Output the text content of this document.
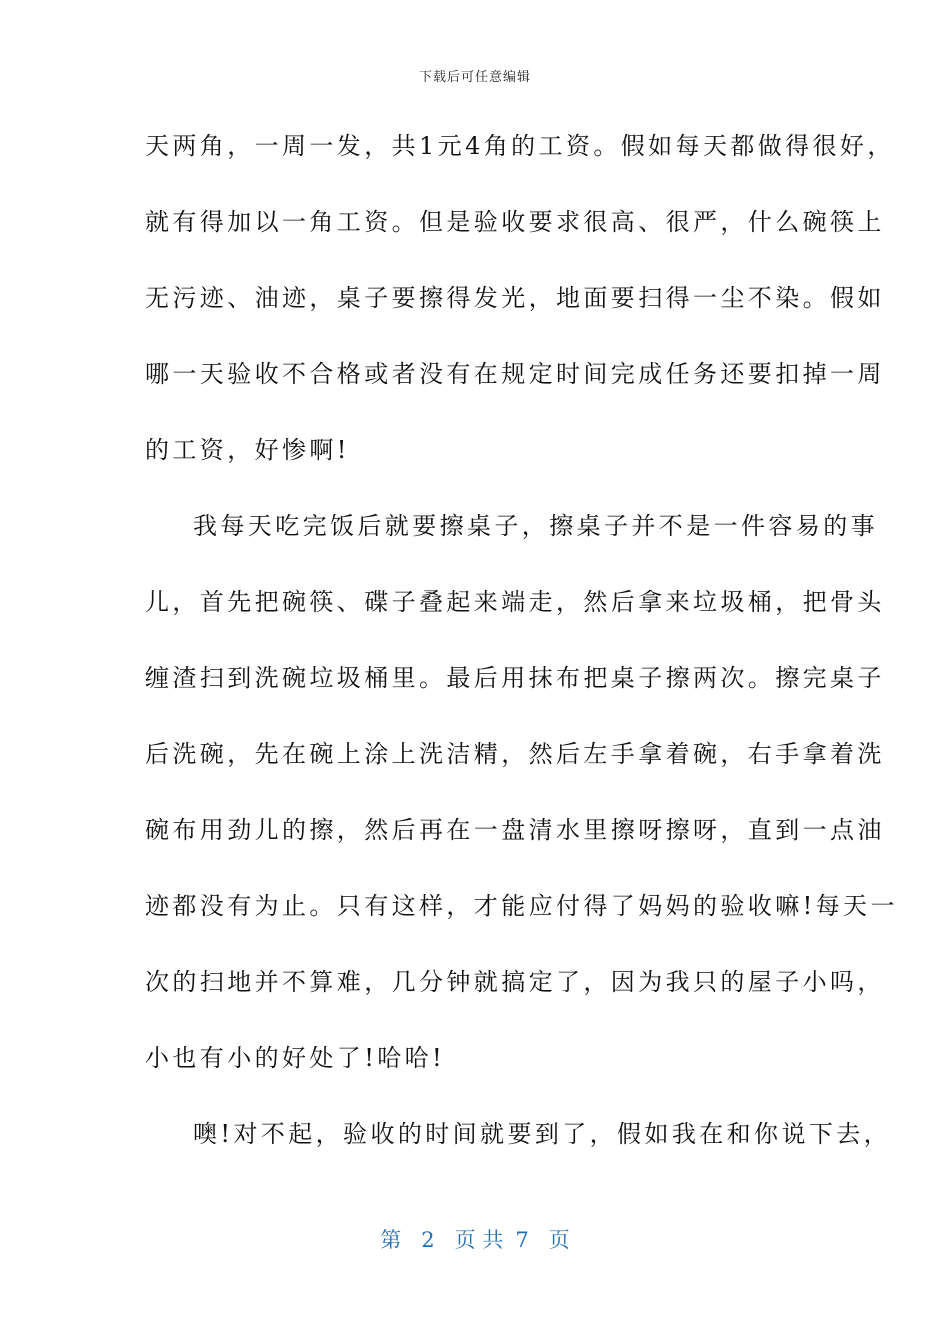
下载后可任意编辑
天两角，一周一发，共1元4角的工资。假如每天都做得很好，
就有得加以一角工资。但是验收要求很高、很严，什么碗筷上
无污迹、油迹，桌子要擦得发光，地面要扫得一尘不染。假如
哪一天验收不合格或者没有在规定时间完成任务还要扣掉一周
的工资，好惨啊!
我每天吃完饭后就要擦桌子，擦桌子并不是一件容易的事
儿，首先把碗筷、碟子叠起来端走，然后拿来垃圾桶，把骨头
缠渣扫到洗碗垃圾桶里。最后用抹布把桌子擦两次。擦完桌子
后洗碗，先在碗上涂上洗洁精，然后左手拿着碗，右手拿着洗
碗布用劲儿的擦，然后再在一盘清水里擦呀擦呀，直到一点油
迹都没有为止。只有这样，才能应付得了妈妈的验收嘛!每天一
次的扫地并不算难，几分钟就搞定了，因为我只的屋子小吗，
小也有小的好处了!哈哈!
噢!对不起，验收的时间就要到了，假如我在和你说下去，
第 2 页 共 7 页
